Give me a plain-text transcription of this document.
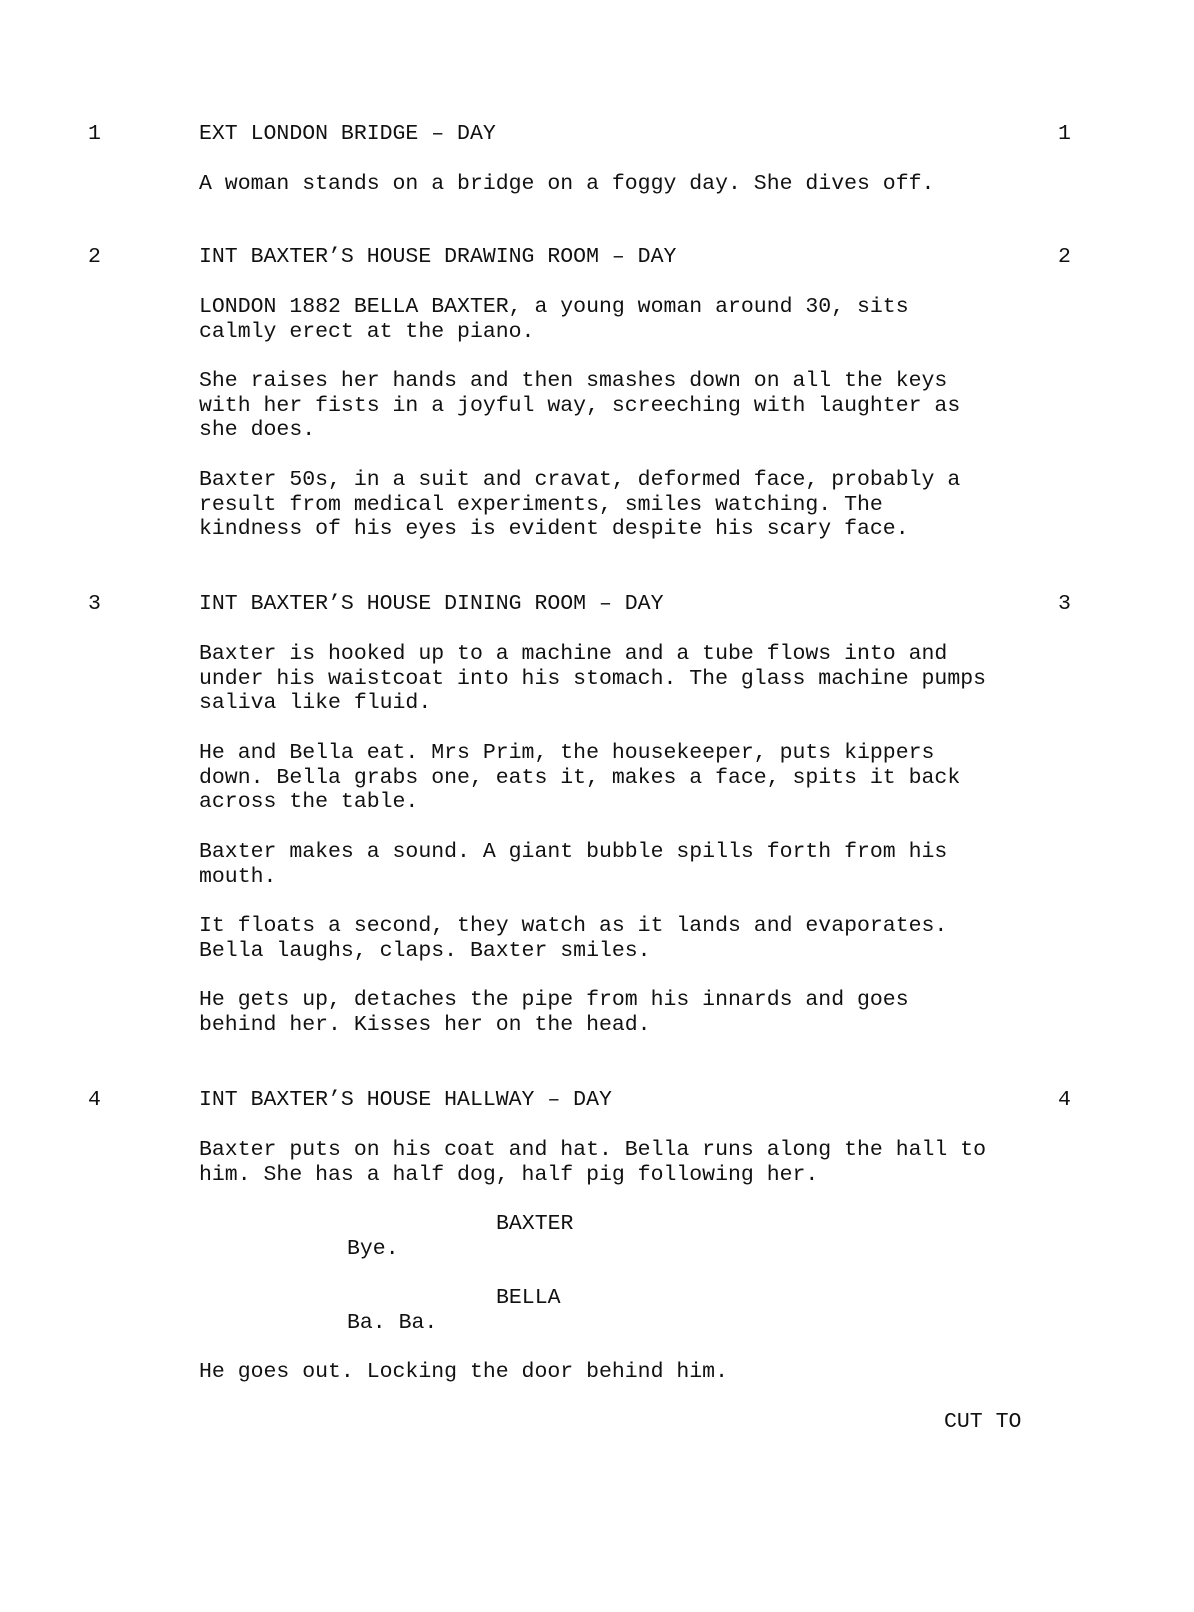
1	EXT LONDON BRIDGE – DAY	1
A woman stands on a bridge on a foggy day. She dives off.
2	INT BAXTER’S HOUSE DRAWING ROOM – DAY	2
LONDON 1882 BELLA BAXTER, a young woman around 30, sits
calmly erect at the piano.
She raises her hands and then smashes down on all the keys
with her fists in a joyful way, screeching with laughter as
she does.
Baxter 50s, in a suit and cravat, deformed face, probably a
result from medical experiments, smiles watching. The
kindness of his eyes is evident despite his scary face.
3	INT BAXTER’S HOUSE DINING ROOM – DAY	3
Baxter is hooked up to a machine and a tube flows into and
under his waistcoat into his stomach. The glass machine pumps
saliva like fluid.
He and Bella eat. Mrs Prim, the housekeeper, puts kippers
down. Bella grabs one, eats it, makes a face, spits it back
across the table.
Baxter makes a sound. A giant bubble spills forth from his
mouth.
It floats a second, they watch as it lands and evaporates.
Bella laughs, claps. Baxter smiles.
He gets up, detaches the pipe from his innards and goes
behind her. Kisses her on the head.
4	INT BAXTER’S HOUSE HALLWAY – DAY	4
Baxter puts on his coat and hat. Bella runs along the hall to
him. She has a half dog, half pig following her.
BAXTER
Bye.
BELLA
Ba. Ba.
He goes out. Locking the door behind him.
CUT TO
